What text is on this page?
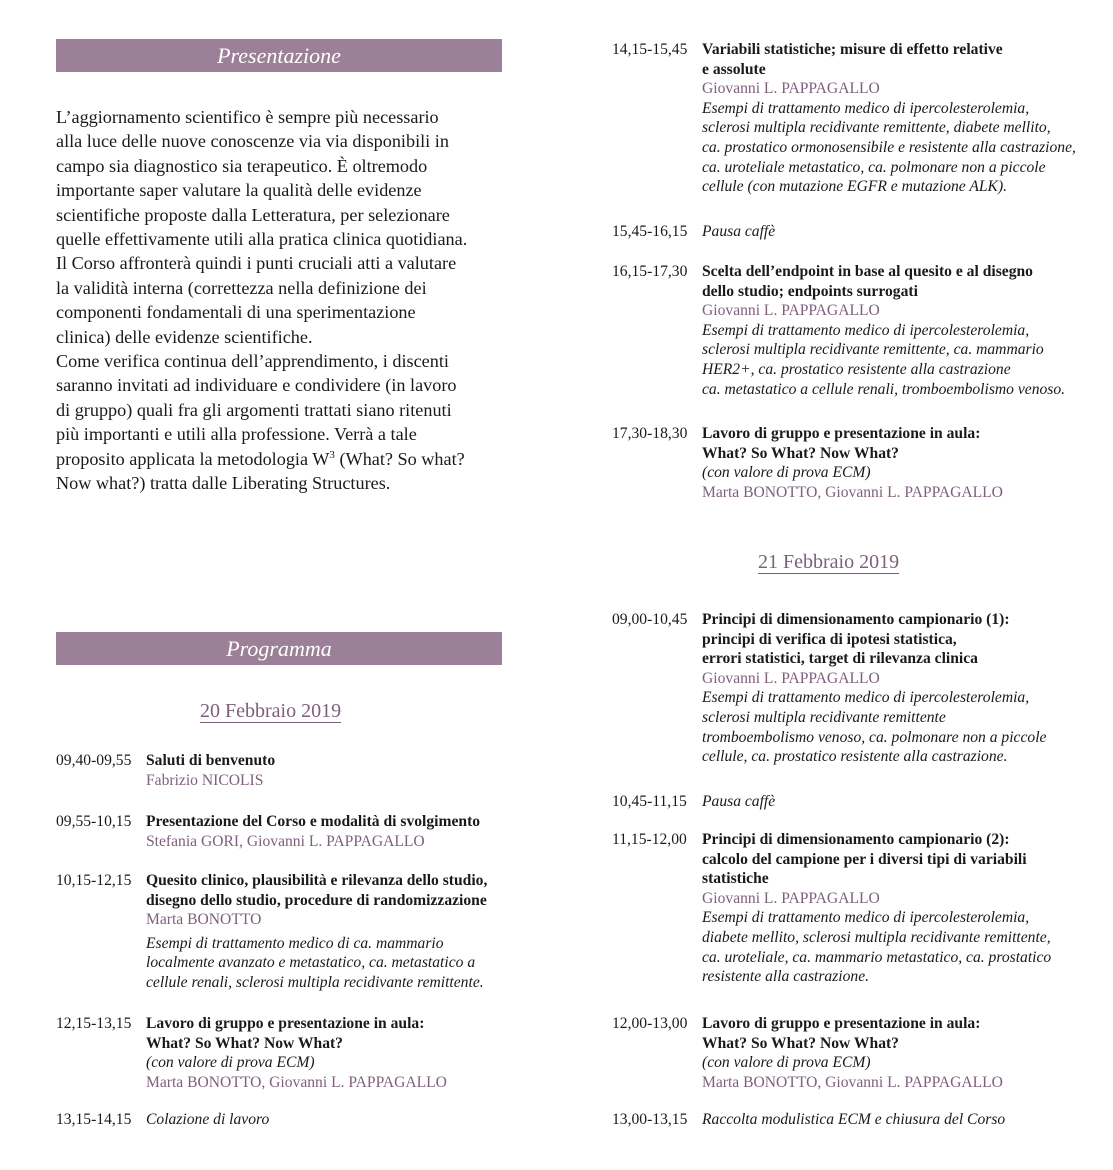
Presentazione
L’aggiornamento scientifico è sempre più necessario
alla luce delle nuove conoscenze via via disponibili in
campo sia diagnostico sia terapeutico. È oltremodo
importante saper valutare la qualità delle evidenze
scientifiche proposte dalla Letteratura, per selezionare
quelle effettivamente utili alla pratica clinica quotidiana.
Il Corso affronterà quindi i punti cruciali atti a valutare
la validità interna (correttezza nella definizione dei
componenti fondamentali di una sperimentazione
clinica) delle evidenze scientifiche.
Come verifica continua dell’apprendimento, i discenti
saranno invitati ad individuare e condividere (in lavoro
di gruppo) quali fra gli argomenti trattati siano ritenuti
più importanti e utili alla professione. Verrà a tale
proposito applicata la metodologia $W^3$ (What? So what?
Now what?) tratta dalle Liberating Structures.
Programma
20 Febbraio 2019
09,40-09,55 Saluti di benvenuto
Fabrizio NICOLIS
09,55-10,15 Presentazione del Corso e modalità di svolgimento
Stefania GORI, Giovanni L. PAPPAGALLO
10,15-12,15 Quesito clinico, plausibilità e rilevanza dello studio,
disegno dello studio, procedure di randomizzazione
Marta BONOTTO
Esempi di trattamento medico di ca. mammario
localmente avanzato e metastatico, ca. metastatico a
cellule renali, sclerosi multipla recidivante remittente.
12,15-13,15 Lavoro di gruppo e presentazione in aula:
What? So What? Now What?
(con valore di prova ECM)
Marta BONOTTO, Giovanni L. PAPPAGALLO
13,15-14,15 Colazione di lavoro
14,15-15,45 Variabili statistiche; misure di effetto relative
e assolute
Giovanni L. PAPPAGALLO
Esempi di trattamento medico di ipercolesterolemia,
sclerosi multipla recidivante remittente, diabete mellito,
ca. prostatico ormonosensibile e resistente alla castrazione,
ca. uroteliale metastatico, ca. polmonare non a piccole
cellule (con mutazione EGFR e mutazione ALK).
15,45-16,15 Pausa caffè
16,15-17,30 Scelta dell’endpoint in base al quesito e al disegno
dello studio; endpoints surrogati
Giovanni L. PAPPAGALLO
Esempi di trattamento medico di ipercolesterolemia,
sclerosi multipla recidivante remittente, ca. mammario
HER2+, ca. prostatico resistente alla castrazione
ca. metastatico a cellule renali, tromboembolismo venoso.
17,30-18,30 Lavoro di gruppo e presentazione in aula:
What? So What? Now What?
(con valore di prova ECM)
Marta BONOTTO, Giovanni L. PAPPAGALLO
21 Febbraio 2019
09,00-10,45 Principi di dimensionamento campionario (1):
principi di verifica di ipotesi statistica,
errori statistici, target di rilevanza clinica
Giovanni L. PAPPAGALLO
Esempi di trattamento medico di ipercolesterolemia,
sclerosi multipla recidivante remittente
tromboembolismo venoso, ca. polmonare non a piccole
cellule, ca. prostatico resistente alla castrazione.
10,45-11,15 Pausa caffè
11,15-12,00 Principi di dimensionamento campionario (2):
calcolo del campione per i diversi tipi di variabili
statistiche
Giovanni L. PAPPAGALLO
Esempi di trattamento medico di ipercolesterolemia,
diabete mellito, sclerosi multipla recidivante remittente,
ca. uroteliale, ca. mammario metastatico, ca. prostatico
resistente alla castrazione.
12,00-13,00 Lavoro di gruppo e presentazione in aula:
What? So What? Now What?
(con valore di prova ECM)
Marta BONOTTO, Giovanni L. PAPPAGALLO
13,00-13,15 Raccolta modulistica ECM e chiusura del Corso
